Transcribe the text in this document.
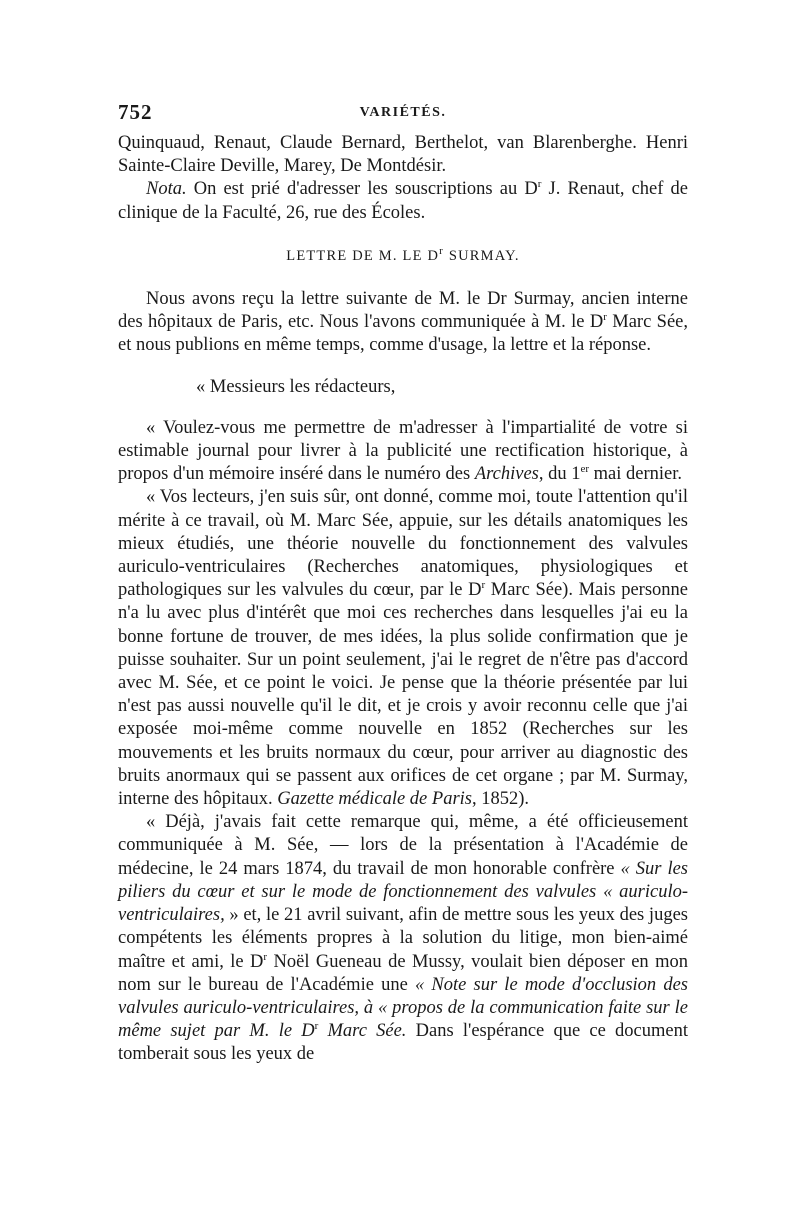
752	VARIÉTÉS.

Quinquaud, Renaut, Claude Bernard, Berthelot, van Blarenberghe. Henri Sainte-Claire Deville, Marey, De Montdésir.

Nota. On est prié d'adresser les souscriptions au $D^r$ J. Renaut, chef de clinique de la Faculté, 26, rue des Écoles.

LETTRE DE M. LE $D^r$ SURMAY.

Nous avons reçu la lettre suivante de M. le Dr Surmay, ancien interne des hôpitaux de Paris, etc. Nous l'avons communiquée à M. le $D^r$ Marc Sée, et nous publions en même temps, comme d'usage, la lettre et la réponse.

« Messieurs les rédacteurs,

« Voulez-vous me permettre de m'adresser à l'impartialité de votre si estimable journal pour livrer à la publicité une rectification historique, à propos d'un mémoire inséré dans le numéro des Archives, du 1er mai dernier.

« Vos lecteurs, j'en suis sûr, ont donné, comme moi, toute l'attention qu'il mérite à ce travail, où M. Marc Sée, appuie, sur les détails anatomiques les mieux étudiés, une théorie nouvelle du fonctionnement des valvules auriculo-ventriculaires (Recherches anatomiques, physiologiques et pathologiques sur les valvules du cœur, par le $D^r$ Marc Sée). Mais personne n'a lu avec plus d'intérêt que moi ces recherches dans lesquelles j'ai eu la bonne fortune de trouver, de mes idées, la plus solide confirmation que je puisse souhaiter. Sur un point seulement, j'ai le regret de n'être pas d'accord avec M. Sée, et ce point le voici. Je pense que la théorie présentée par lui n'est pas aussi nouvelle qu'il le dit, et je crois y avoir reconnu celle que j'ai exposée moi-même comme nouvelle en 1852 (Recherches sur les mouvements et les bruits normaux du cœur, pour arriver au diagnostic des bruits anormaux qui se passent aux orifices de cet organe ; par M. Surmay, interne des hôpitaux. Gazette médicale de Paris, 1852).

« Déjà, j'avais fait cette remarque qui, même, a été officieusement communiquée à M. Sée, — lors de la présentation à l'Académie de médecine, le 24 mars 1874, du travail de mon honorable confrère « Sur les piliers du cœur et sur le mode de fonctionnement des valvules « auriculo-ventriculaires, » et, le 21 avril suivant, afin de mettre sous les yeux des juges compétents les éléments propres à la solution du litige, mon bien-aimé maître et ami, le $D^r$ Noël Gueneau de Mussy, voulait bien déposer en mon nom sur le bureau de l'Académie une « Note sur le mode d'occlusion des valvules auriculo-ventriculaires, à « propos de la communication faite sur le même sujet par M. le $D^r$ Marc Sée. Dans l'espérance que ce document tomberait sous les yeux de
